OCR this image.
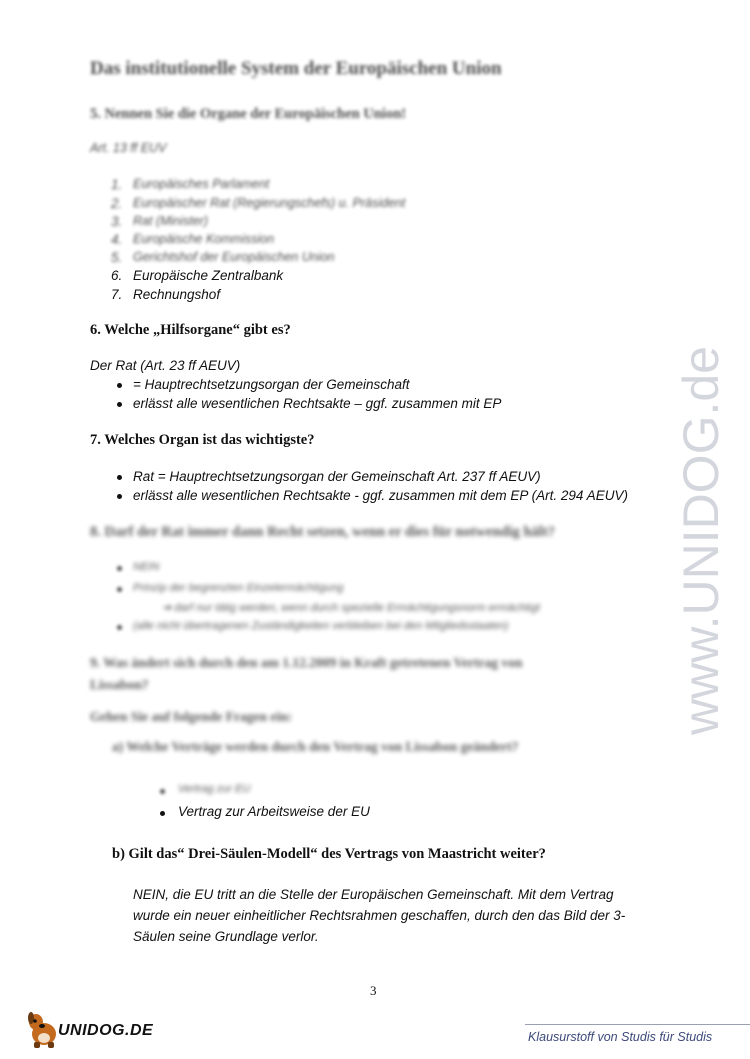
www.UNIDOG.de
Das institutionelle System der Europäischen Union
5. Nennen Sie die Organe der Europäischen Union!
Art. 13 ff EUV
1. Europäisches Parlament
2. Europäischer Rat (Regierungschefs) u. Präsident
3. Rat (Minister)
4. Europäische Kommission
5. Gerichtshof der Europäischen Union
6. Europäische Zentralbank
7. Rechnungshof
6. Welche „Hilfsorgane“ gibt es?
Der Rat (Art. 23 ff AEUV)
= Hauptrechtsetzungsorgan der Gemeinschaft
erlässt alle wesentlichen Rechtsakte – ggf. zusammen mit EP
7. Welches Organ ist das wichtigste?
Rat = Hauptrechtsetzungsorgan der Gemeinschaft Art. 237 ff AEUV)
erlässt alle wesentlichen Rechtsakte - ggf. zusammen mit dem EP (Art. 294 AEUV)
8. Darf der Rat immer dann Recht setzen, wenn er dies für notwendig hält?
NEIN
Prinzip der begrenzten Einzelermächtigung
➔ darf nur tätig werden, wenn durch spezielle Ermächtigungsnorm ermächtigt
(alle nicht übertragenen Zuständigkeiten verbleiben bei den Mitgliedsstaaten)
9. Was ändert sich durch den am 1.12.2009 in Kraft getretenen Vertrag von
Lissabon?
Gehen Sie auf folgende Fragen ein:
a) Welche Verträge werden durch den Vertrag von Lissabon geändert?
Vertrag zur EU
Vertrag zur Arbeitsweise der EU
b) Gilt das“ Drei-Säulen-Modell“ des Vertrags von Maastricht weiter?
NEIN, die EU tritt an die Stelle der Europäischen Gemeinschaft. Mit dem Vertrag
wurde ein neuer einheitlicher Rechtsrahmen geschaffen, durch den das Bild der 3-
Säulen seine Grundlage verlor.
3
UNIDOG.DE	Klausurstoff von Studis für Studis
